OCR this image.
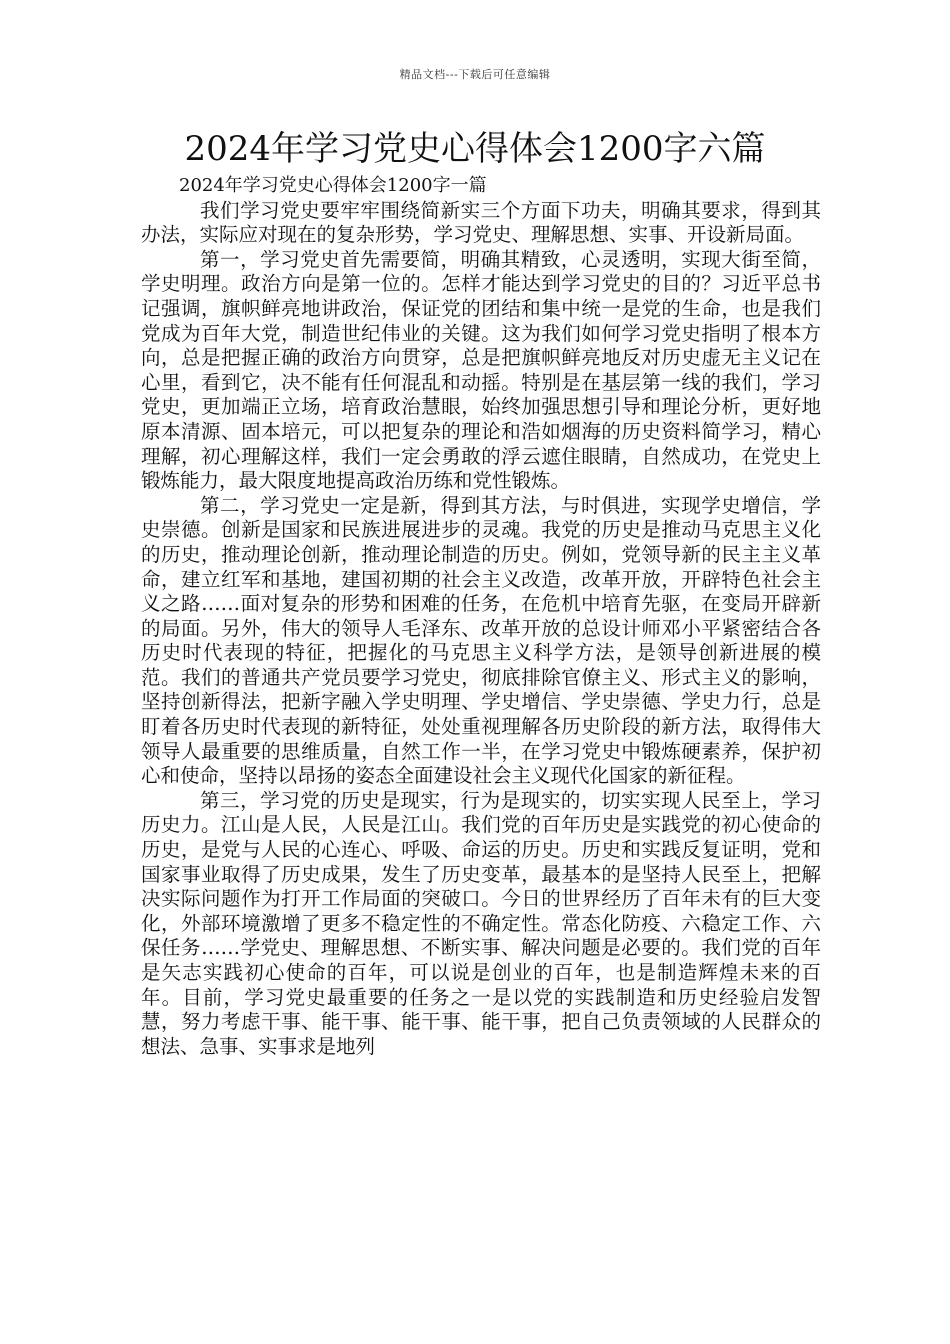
精品文档---下载后可任意编辑
2024年学习党史心得体会1200字六篇
2024年学习党史心得体会1200字一篇

我们学习党史要牢牢围绕简新实三个方面下功夫，明确其要求，得到其办法，实际应对现在的复杂形势，学习党史、理解思想、实事、开设新局面。

第一，学习党史首先需要简，明确其精致，心灵透明，实现大街至简，学史明理。政治方向是第一位的。怎样才能达到学习党史的目的？习近平总书记强调，旗帜鲜亮地讲政治，保证党的团结和集中统一是党的生命，也是我们党成为百年大党，制造世纪伟业的关键。这为我们如何学习党史指明了根本方向，总是把握正确的政治方向贯穿，总是把旗帜鲜亮地反对历史虚无主义记在心里，看到它，决不能有任何混乱和动摇。特别是在基层第一线的我们，学习党史，更加端正立场，培育政治慧眼，始终加强思想引导和理论分析，更好地原本清源、固本培元，可以把复杂的理论和浩如烟海的历史资料简学习，精心理解，初心理解这样，我们一定会勇敢的浮云遮住眼睛，自然成功，在党史上锻炼能力，最大限度地提高政治历练和党性锻炼。

第二，学习党史一定是新，得到其方法，与时俱进，实现学史增信，学史崇德。创新是国家和民族进展进步的灵魂。我党的历史是推动马克思主义化的历史，推动理论创新，推动理论制造的历史。例如，党领导新的民主主义革命，建立红军和基地，建国初期的社会主义改造，改革开放，开辟特色社会主义之路……面对复杂的形势和困难的任务，在危机中培育先驱，在变局开辟新的局面。另外，伟大的领导人毛泽东、改革开放的总设计师邓小平紧密结合各历史时代表现的特征，把握化的马克思主义科学方法，是领导创新进展的模范。我们的普通共产党员要学习党史，彻底排除官僚主义、形式主义的影响，坚持创新得法，把新字融入学史明理、学史增信、学史崇德、学史力行，总是盯着各历史时代表现的新特征，处处重视理解各历史阶段的新方法，取得伟大领导人最重要的思维质量，自然工作一半，在学习党史中锻炼硬素养，保护初心和使命，坚持以昂扬的姿态全面建设社会主义现代化国家的新征程。

第三，学习党的历史是现实，行为是现实的，切实实现人民至上，学习历史力。江山是人民，人民是江山。我们党的百年历史是实践党的初心使命的历史，是党与人民的心连心、呼吸、命运的历史。历史和实践反复证明，党和国家事业取得了历史成果，发生了历史变革，最基本的是坚持人民至上，把解决实际问题作为打开工作局面的突破口。今日的世界经历了百年未有的巨大变化，外部环境激增了更多不稳定性的不确定性。常态化防疫、六稳定工作、六保任务……学党史、理解思想、不断实事、解决问题是必要的。我们党的百年是矢志实践初心使命的百年，可以说是创业的百年，也是制造辉煌未来的百年。目前，学习党史最重要的任务之一是以党的实践制造和历史经验启发智慧，努力考虑干事、能干事、能干事、能干事，把自己负责领域的人民群众的想法、急事、实事求是地列
